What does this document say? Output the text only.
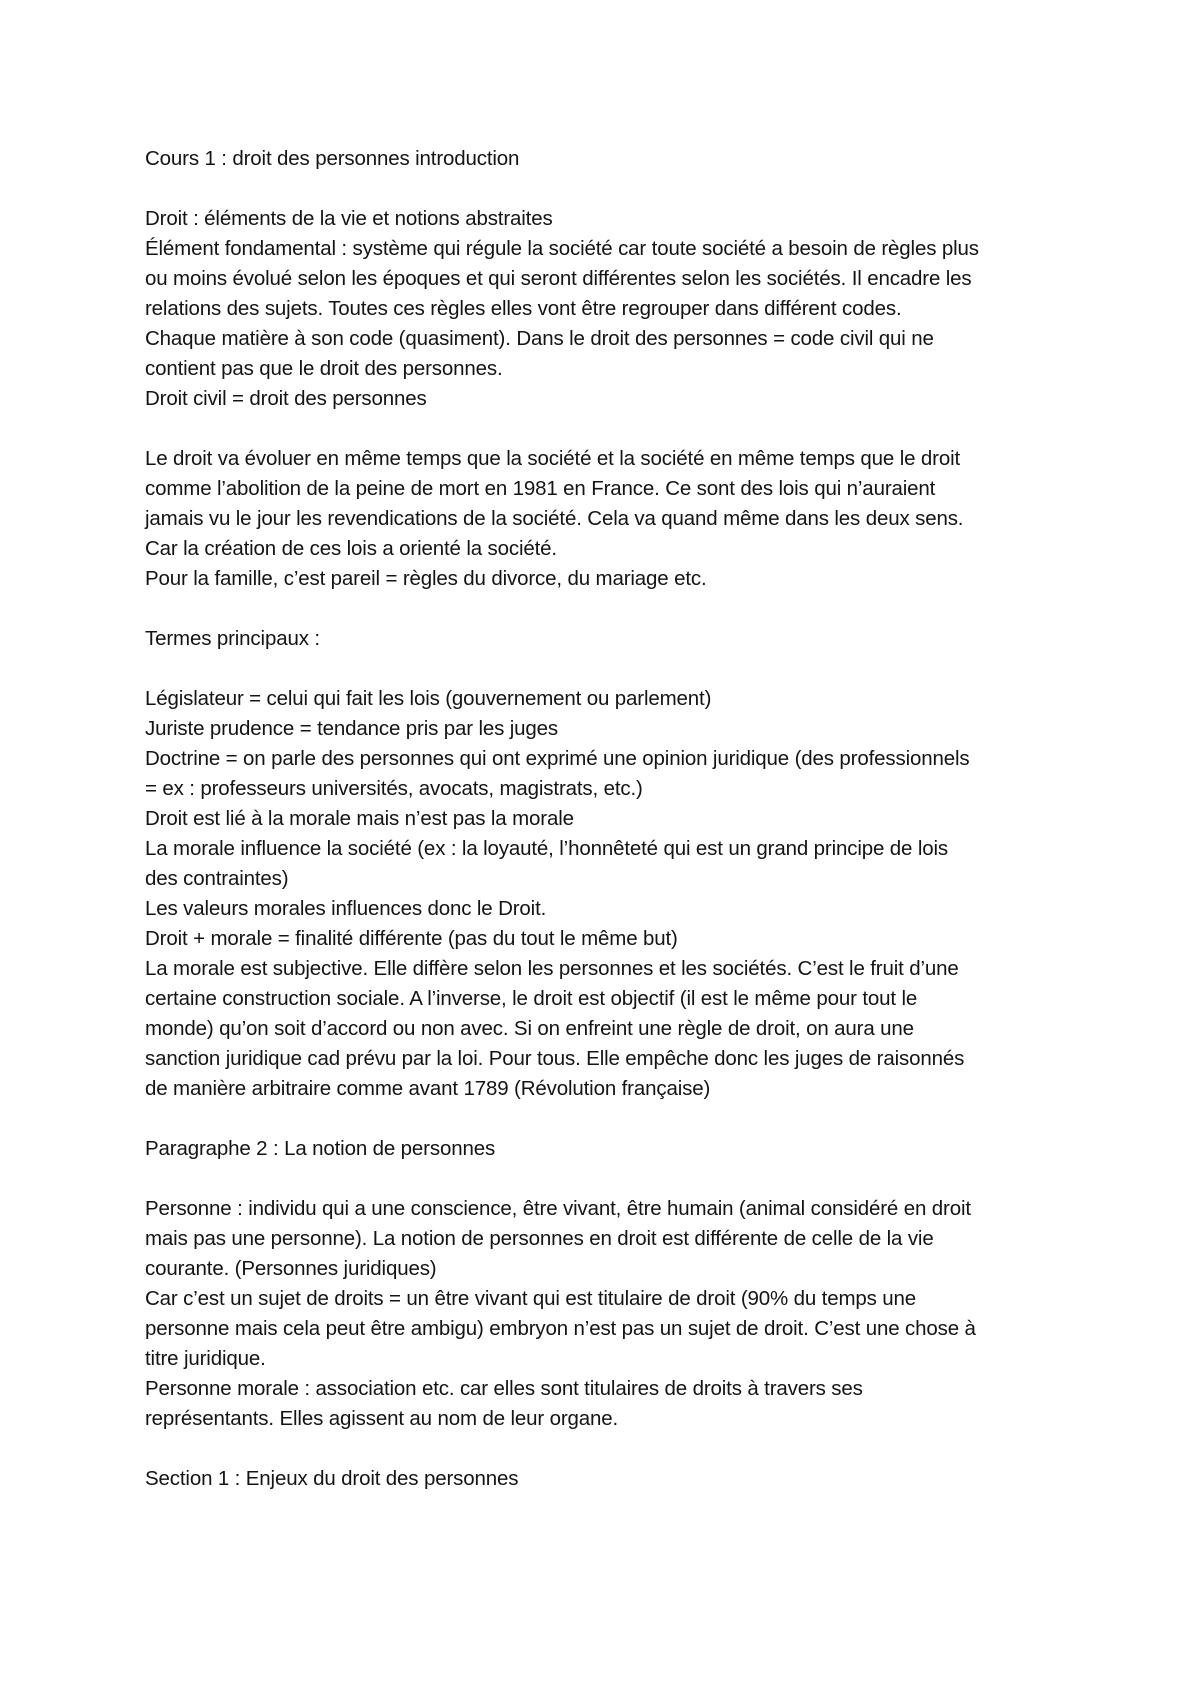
Cours 1 : droit des personnes introduction
Droit : éléments de la vie et notions abstraites
Élément fondamental : système qui régule la société car toute société a besoin de règles plus
ou moins évolué selon les époques et qui seront différentes selon les sociétés. Il encadre les
relations des sujets. Toutes ces règles elles vont être regrouper dans différent codes.
Chaque matière à son code (quasiment). Dans le droit des personnes = code civil qui ne
contient pas que le droit des personnes.
Droit civil = droit des personnes
Le droit va évoluer en même temps que la société et la société en même temps que le droit
comme l’abolition de la peine de mort en 1981 en France. Ce sont des lois qui n’auraient
jamais vu le jour les revendications de la société. Cela va quand même dans les deux sens.
Car la création de ces lois a orienté la société.
Pour la famille, c’est pareil = règles du divorce, du mariage etc.
Termes principaux :
Législateur = celui qui fait les lois (gouvernement ou parlement)
Juriste prudence = tendance pris par les juges
Doctrine = on parle des personnes qui ont exprimé une opinion juridique (des professionnels
= ex : professeurs universités, avocats, magistrats, etc.)
Droit est lié à la morale mais n’est pas la morale
La morale influence la société (ex : la loyauté, l’honnêteté qui est un grand principe de lois
des contraintes)
Les valeurs morales influences donc le Droit.
Droit + morale = finalité différente (pas du tout le même but)
La morale est subjective. Elle diffère selon les personnes et les sociétés. C’est le fruit d’une
certaine construction sociale. A l’inverse, le droit est objectif (il est le même pour tout le
monde) qu’on soit d’accord ou non avec. Si on enfreint une règle de droit, on aura une
sanction juridique cad prévu par la loi. Pour tous. Elle empêche donc les juges de raisonnés
de manière arbitraire comme avant 1789 (Révolution française)
Paragraphe 2 : La notion de personnes
Personne : individu qui a une conscience, être vivant, être humain (animal considéré en droit
mais pas une personne). La notion de personnes en droit est différente de celle de la vie
courante. (Personnes juridiques)
Car c’est un sujet de droits = un être vivant qui est titulaire de droit (90% du temps une
personne mais cela peut être ambigu) embryon n’est pas un sujet de droit. C’est une chose à
titre juridique.
Personne morale : association etc. car elles sont titulaires de droits à travers ses
représentants. Elles agissent au nom de leur organe.
Section 1 : Enjeux du droit des personnes
